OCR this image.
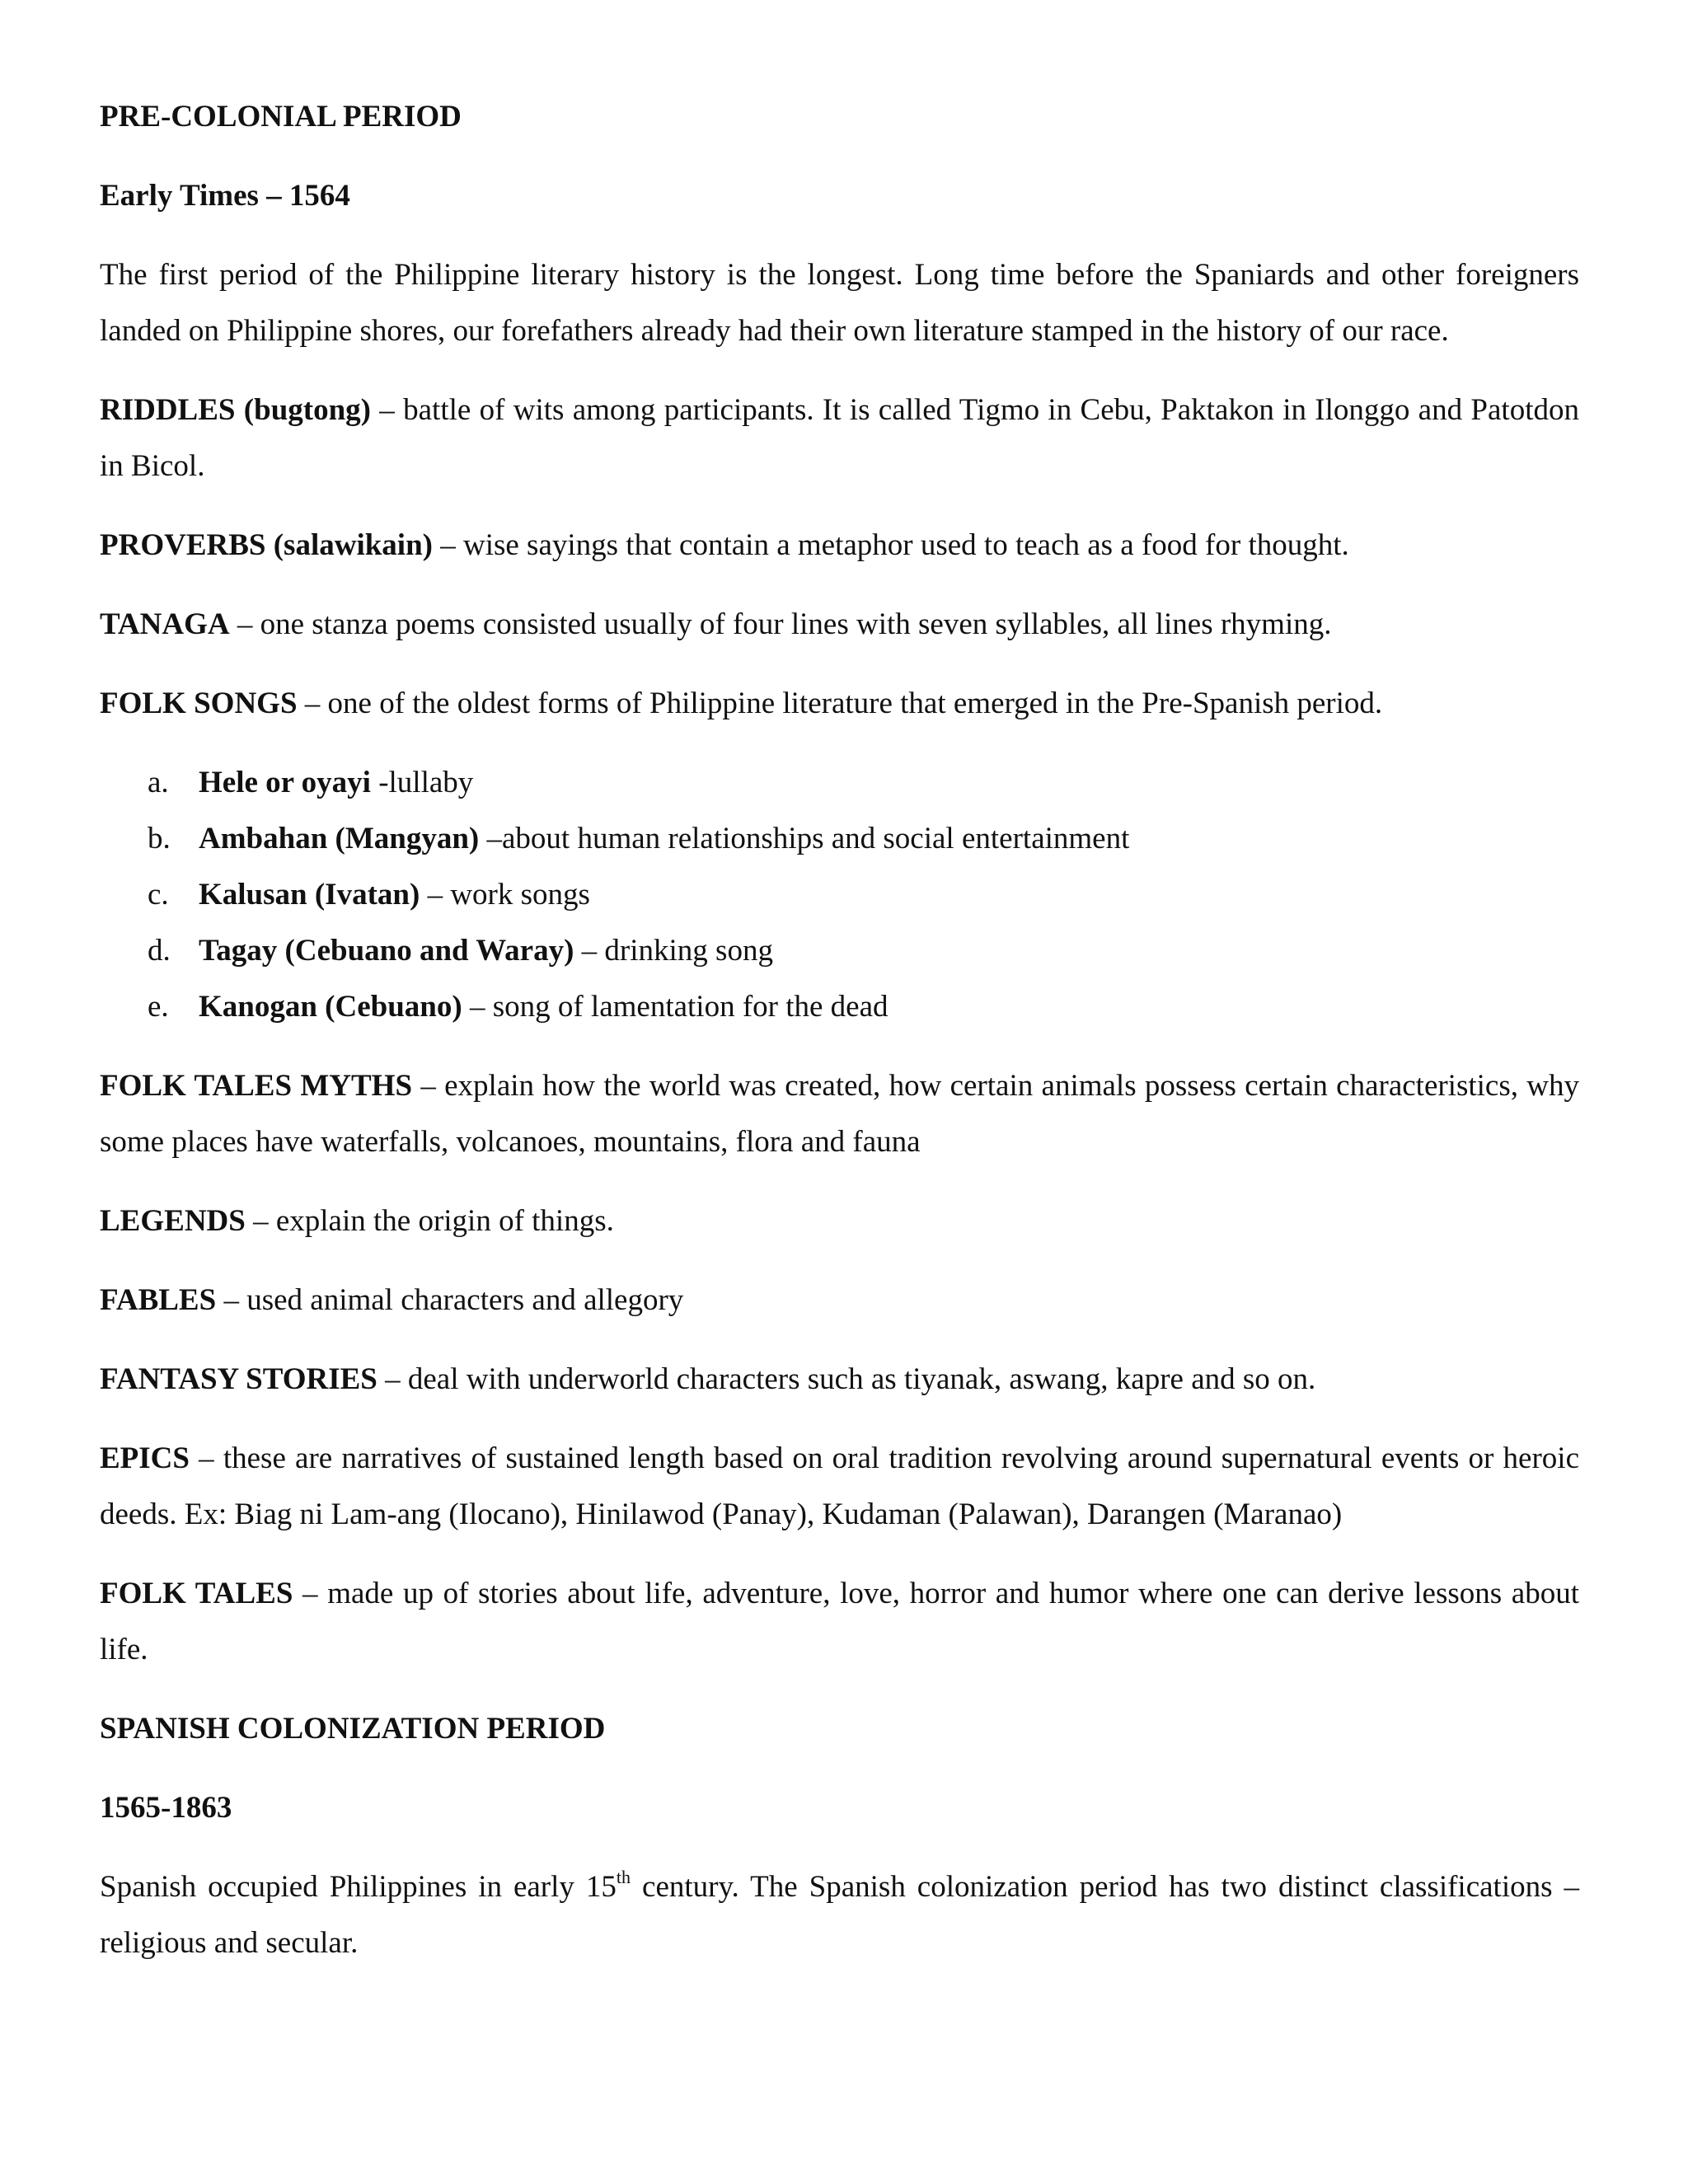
PRE-COLONIAL PERIOD
Early Times – 1564

The first period of the Philippine literary history is the longest. Long time before the Spaniards and other foreigners landed on Philippine shores, our forefathers already had their own literature stamped in the history of our race.

RIDDLES (bugtong) – battle of wits among participants. It is called Tigmo in Cebu, Paktakon in Ilonggo and Patotdon in Bicol.

PROVERBS (salawikain) – wise sayings that contain a metaphor used to teach as a food for thought.

TANAGA – one stanza poems consisted usually of four lines with seven syllables, all lines rhyming.

FOLK SONGS – one of the oldest forms of Philippine literature that emerged in the Pre-Spanish period.

a. Hele or oyayi -lullaby
b. Ambahan (Mangyan) –about human relationships and social entertainment
c. Kalusan (Ivatan) – work songs
d. Tagay (Cebuano and Waray) – drinking song
e. Kanogan (Cebuano) – song of lamentation for the dead

FOLK TALES MYTHS – explain how the world was created, how certain animals possess certain characteristics, why some places have waterfalls, volcanoes, mountains, flora and fauna

LEGENDS – explain the origin of things.

FABLES – used animal characters and allegory

FANTASY STORIES – deal with underworld characters such as tiyanak, aswang, kapre and so on.

EPICS – these are narratives of sustained length based on oral tradition revolving around supernatural events or heroic deeds. Ex: Biag ni Lam-ang (Ilocano), Hinilawod (Panay), Kudaman (Palawan), Darangen (Maranao)

FOLK TALES – made up of stories about life, adventure, love, horror and humor where one can derive lessons about life.

SPANISH COLONIZATION PERIOD
1565-1863

Spanish occupied Philippines in early 15th century. The Spanish colonization period has two distinct classifications – religious and secular.
